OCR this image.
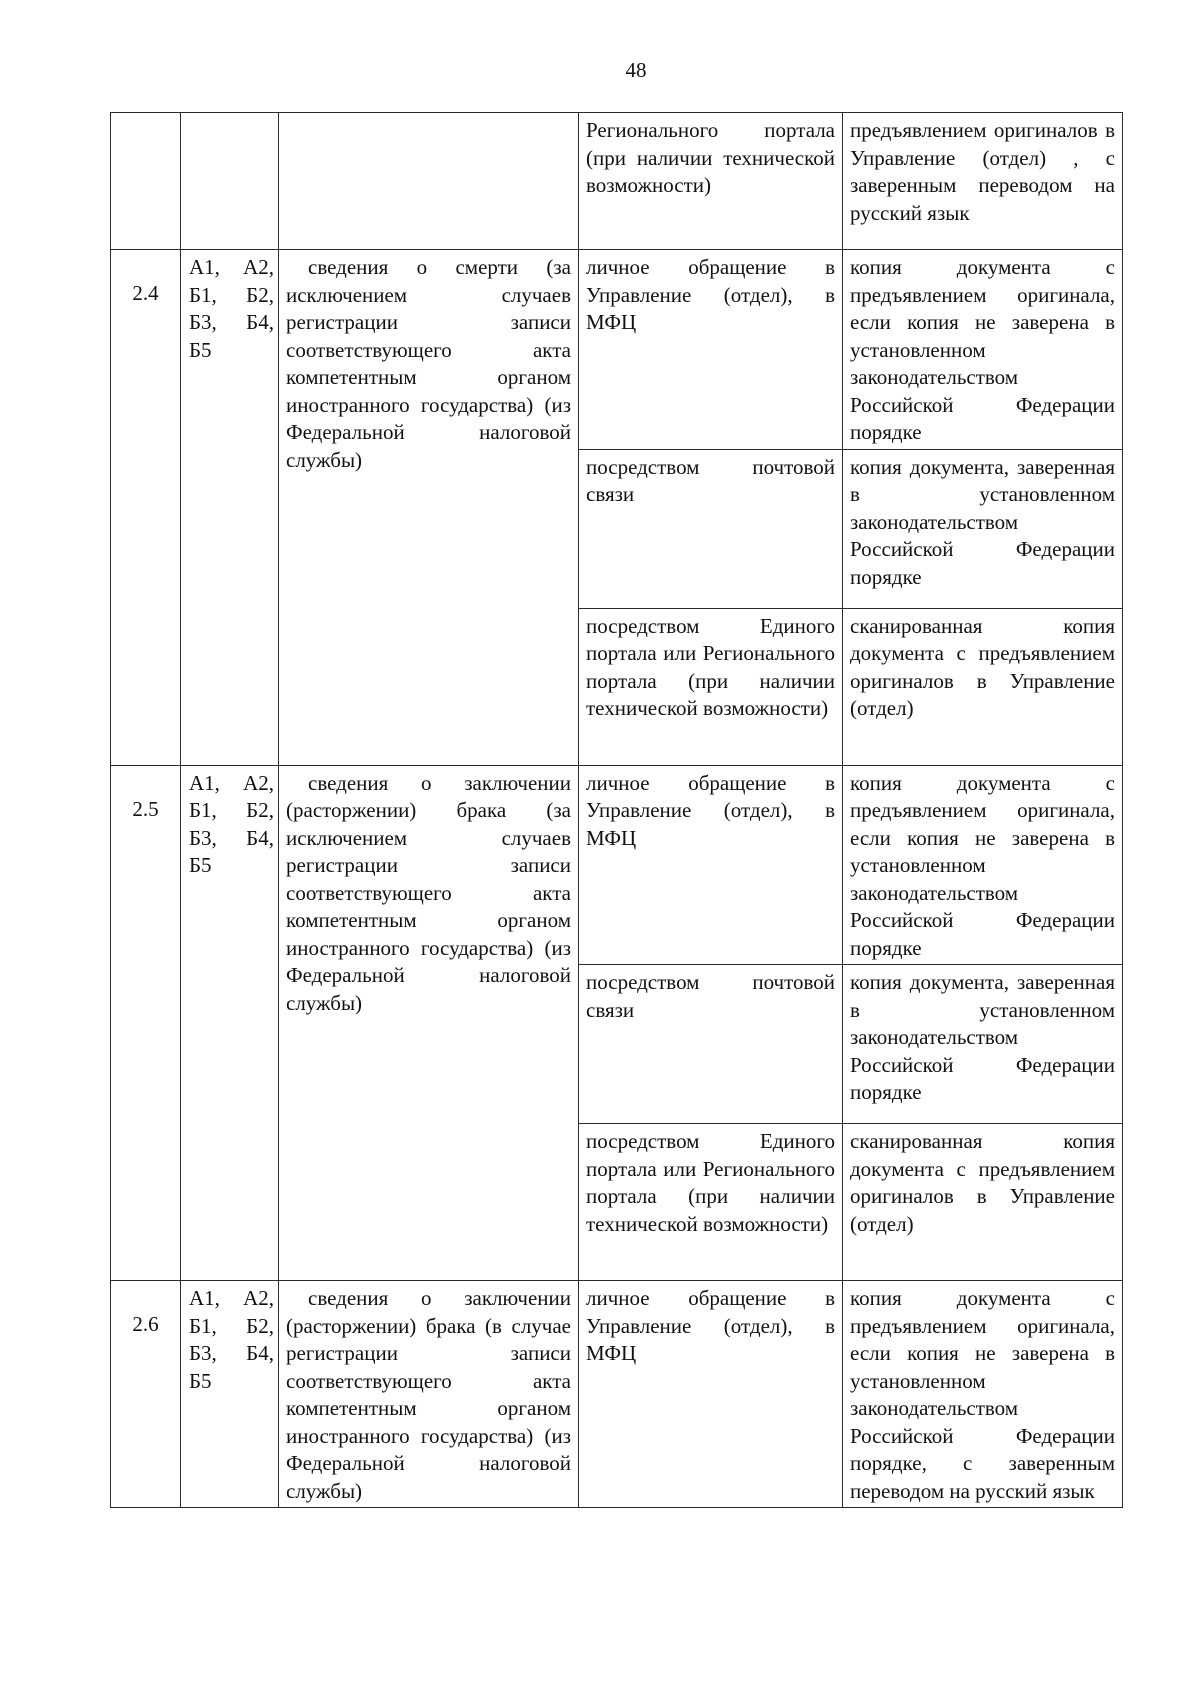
48
			Регионального портала (при наличии технической возможности)	предъявлением оригиналов в Управление (отдел) , с заверенным переводом на русский язык
2.4	А1, А2, Б1, Б2, Б3, Б4, Б5	сведения о смерти (за исключением случаев регистрации записи соответствующего акта компетентным органом иностранного государства) (из Федеральной налоговой службы)	личное обращение в Управление (отдел), в МФЦ	копия документа с предъявлением оригинала, если копия не заверена в установленном законодательством Российской Федерации порядке
			посредством почтовой связи	копия документа, заверенная в установленном законодательством Российской Федерации порядке
			посредством Единого портала или Регионального портала (при наличии технической возможности)	сканированная копия документа с предъявлением оригиналов в Управление (отдел)
2.5	А1, А2, Б1, Б2, Б3, Б4, Б5	сведения о заключении (расторжении) брака (за исключением случаев регистрации записи соответствующего акта компетентным органом иностранного государства) (из Федеральной налоговой службы)	личное обращение в Управление (отдел), в МФЦ	копия документа с предъявлением оригинала, если копия не заверена в установленном законодательством Российской Федерации порядке
			посредством почтовой связи	копия документа, заверенная в установленном законодательством Российской Федерации порядке
			посредством Единого портала или Регионального портала (при наличии технической возможности)	сканированная копия документа с предъявлением оригиналов в Управление (отдел)
2.6	А1, А2, Б1, Б2, Б3, Б4, Б5	сведения о заключении (расторжении) брака (в случае регистрации записи соответствующего акта компетентным органом иностранного государства) (из Федеральной налоговой службы)	личное обращение в Управление (отдел), в МФЦ	копия документа с предъявлением оригинала, если копия не заверена в установленном законодательством Российской Федерации порядке, с заверенным переводом на русский язык
